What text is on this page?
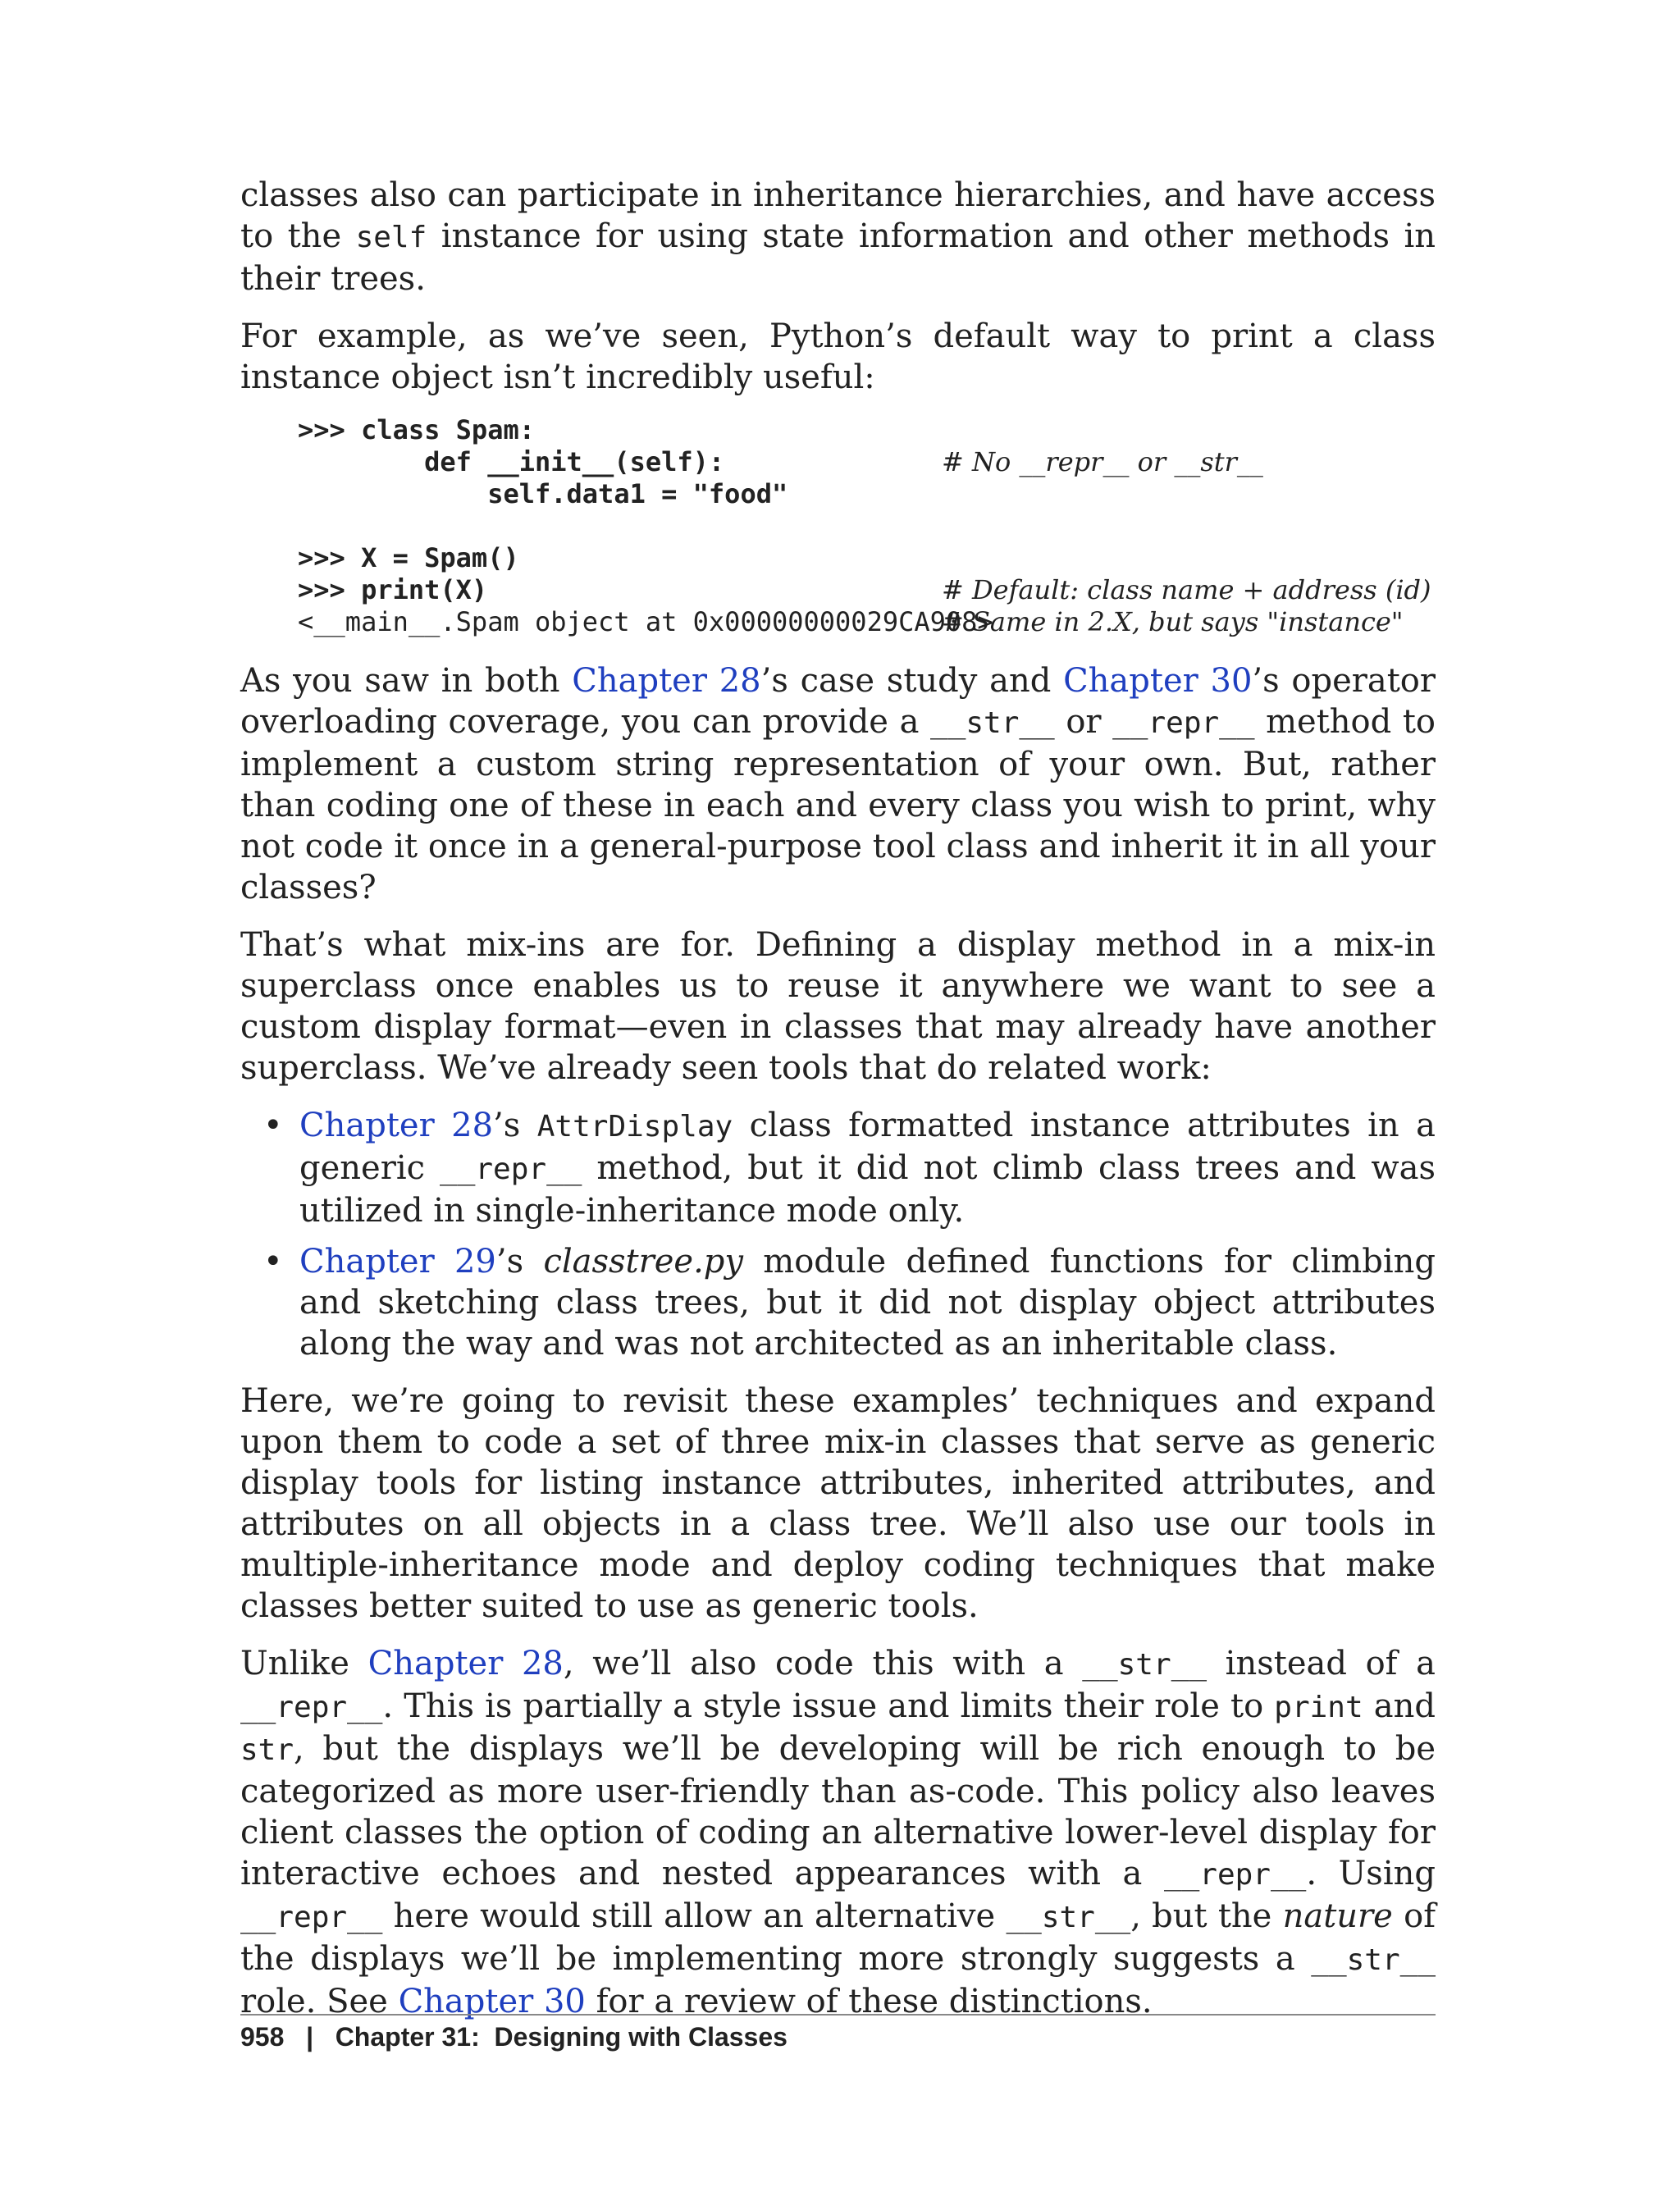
classes also can participate in inheritance hierarchies, and have access to the self instance for using state information and other methods in their trees.

For example, as we’ve seen, Python’s default way to print a class instance object isn’t incredibly useful:

>>> class Spam:
def __init__(self):	# No __repr__ or __str__
self.data1 = "food"
>>> X = Spam()
>>> print(X)	# Default: class name + address (id)
<__main__.Spam object at 0x00000000029CA908>
# Same in 2.X, but says "instance"

As you saw in both Chapter 28’s case study and Chapter 30’s operator overloading coverage, you can provide a __str__ or __repr__ method to implement a custom string representation of your own. But, rather than coding one of these in each and every class you wish to print, why not code it once in a general-purpose tool class and inherit it in all your classes?

That’s what mix-ins are for. Defining a display method in a mix-in superclass once enables us to reuse it anywhere we want to see a custom display format—even in classes that may already have another superclass. We’ve already seen tools that do related work:

• Chapter 28’s AttrDisplay class formatted instance attributes in a generic __repr__ method, but it did not climb class trees and was utilized in single-inheritance mode only.
• Chapter 29’s classtree.py module defined functions for climbing and sketching class trees, but it did not display object attributes along the way and was not architected as an inheritable class.

Here, we’re going to revisit these examples’ techniques and expand upon them to code a set of three mix-in classes that serve as generic display tools for listing instance attributes, inherited attributes, and attributes on all objects in a class tree. We’ll also use our tools in multiple-inheritance mode and deploy coding techniques that make classes better suited to use as generic tools.

Unlike Chapter 28, we’ll also code this with a __str__ instead of a __repr__. This is partially a style issue and limits their role to print and str, but the displays we’ll be developing will be rich enough to be categorized as more user-friendly than as-code. This policy also leaves client classes the option of coding an alternative lower-level display for interactive echoes and nested appearances with a __repr__. Using __repr__ here would still allow an alternative __str__, but the nature of the displays we’ll be implementing more strongly suggests a __str__ role. See Chapter 30 for a review of these distinctions.

958 | Chapter 31:  Designing with Classes
